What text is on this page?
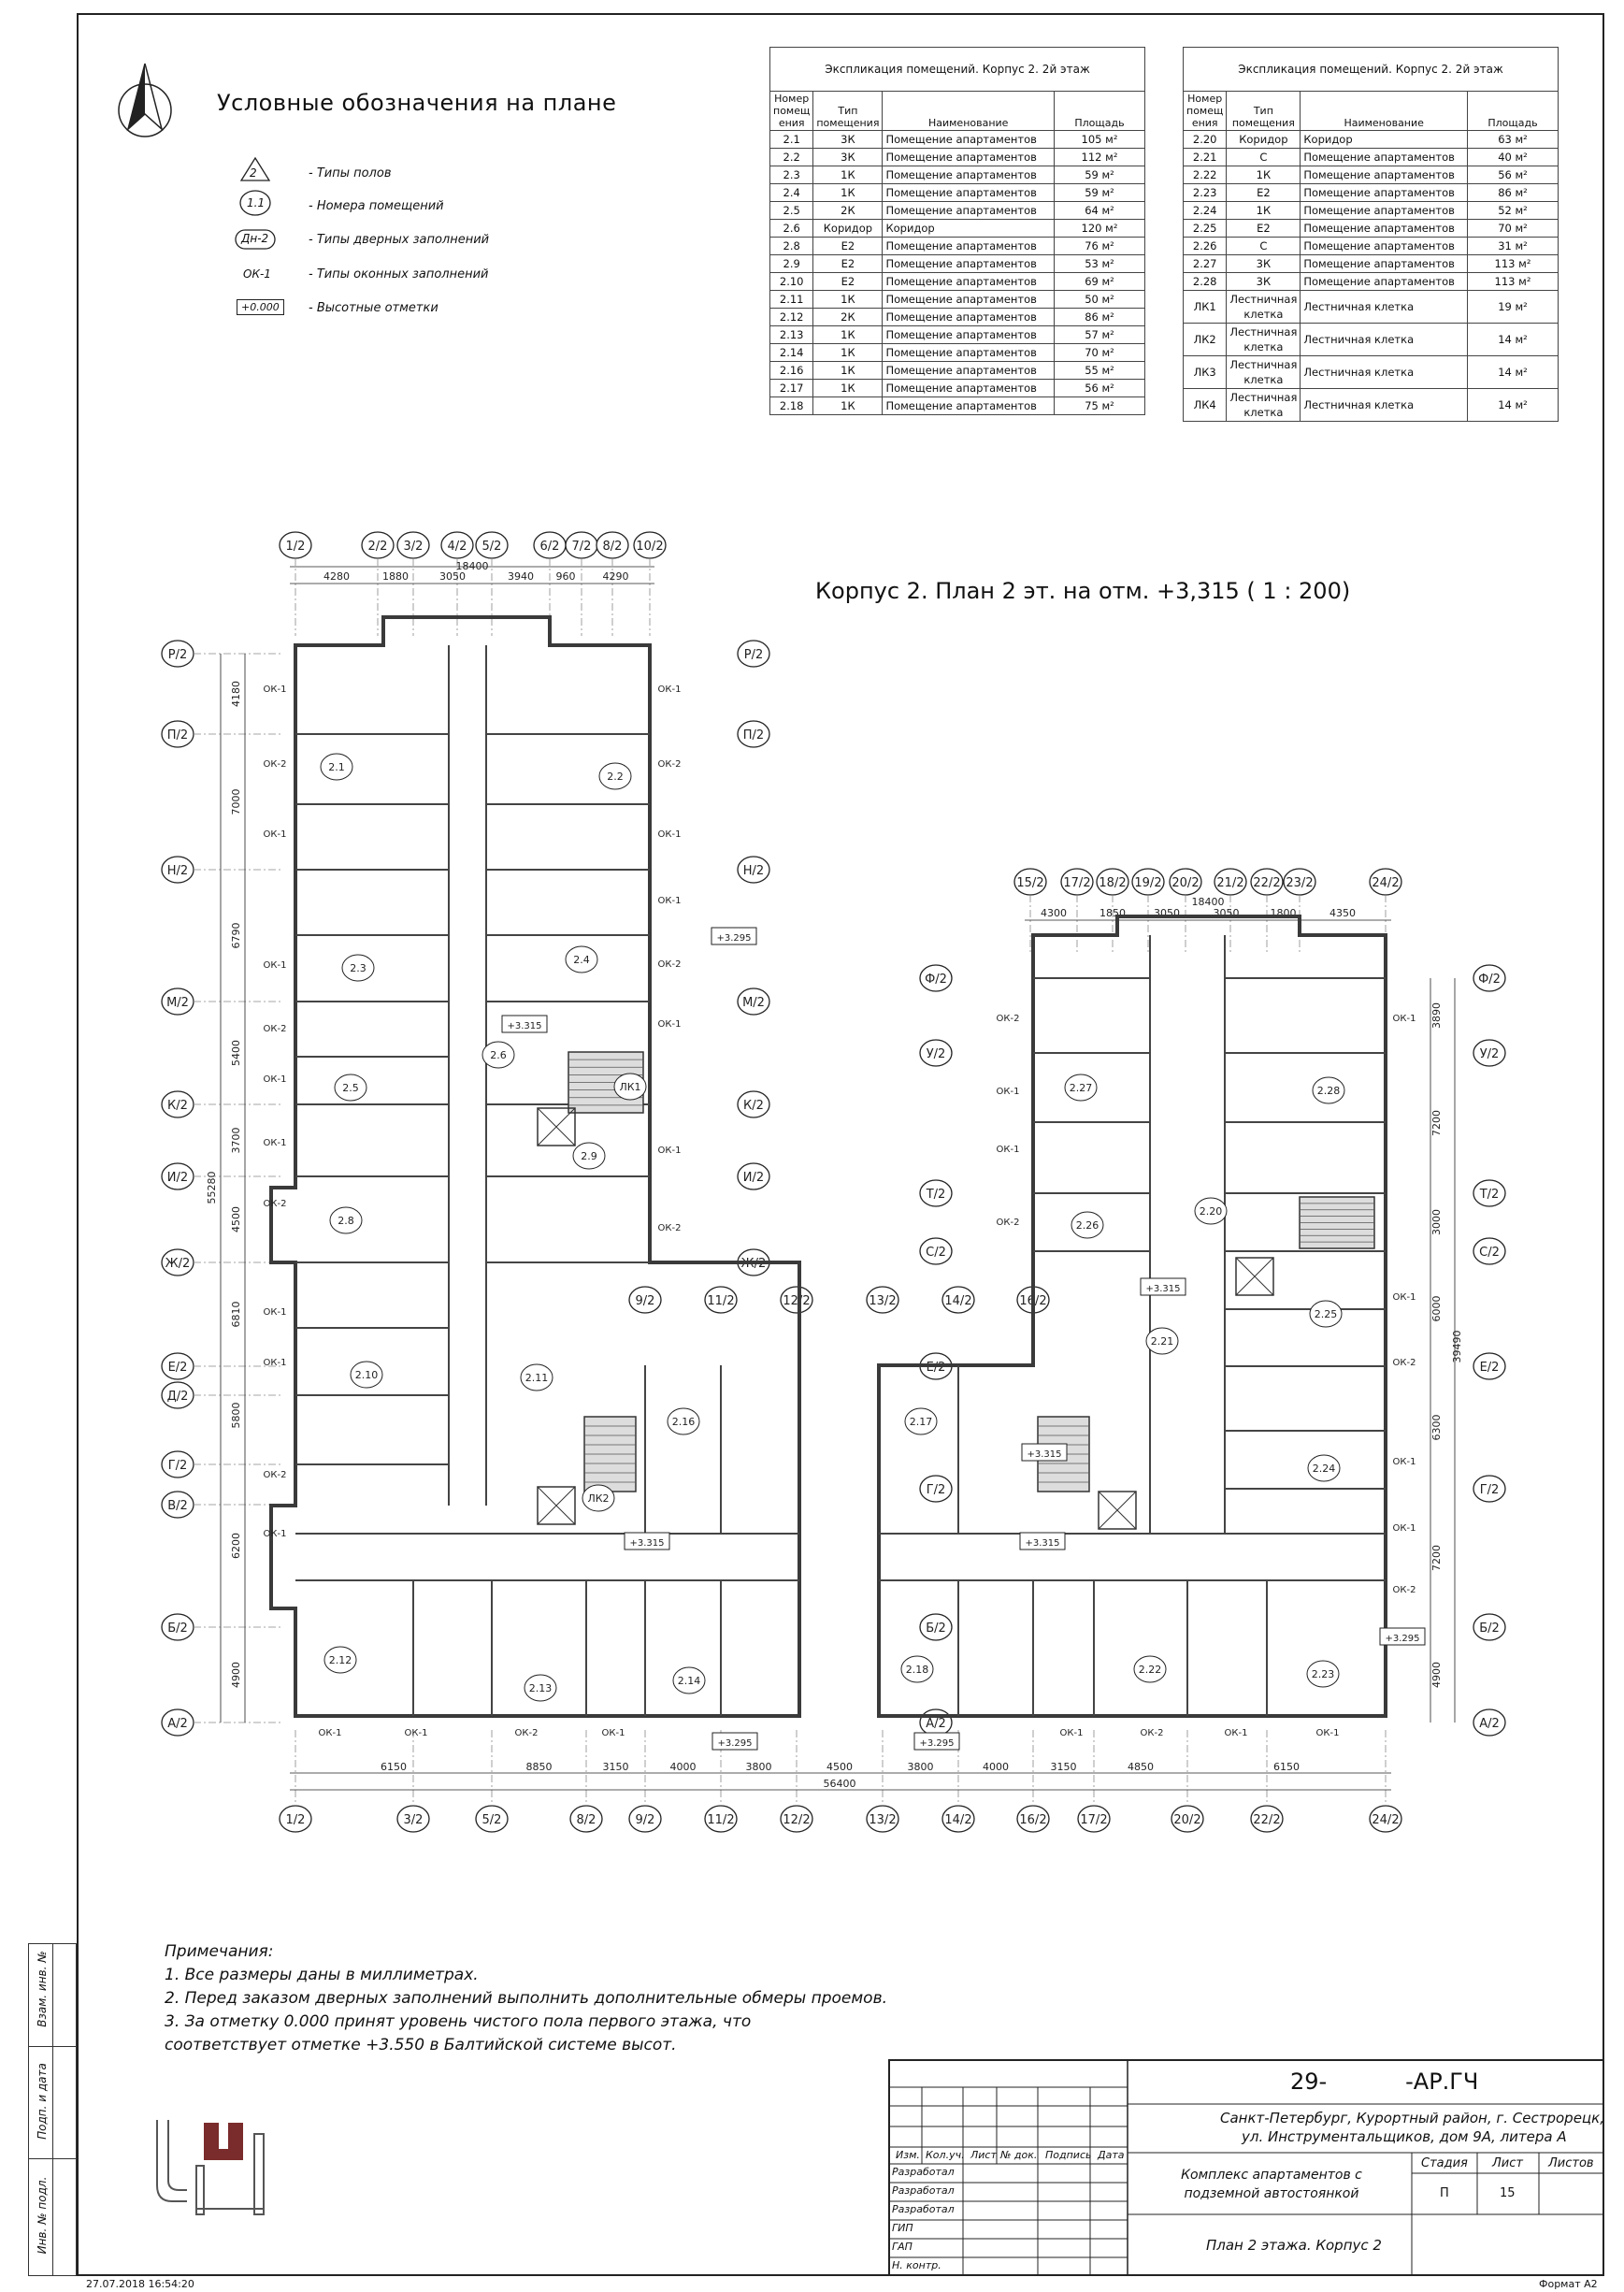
Взам. инв. №
Подп. и дата
Инв. № подл.
Условные обозначения на плане
2	- Типы полов
1.1	- Номера помещений
Дн-2	- Типы дверных заполнений
ОК-1	- Типы оконных заполнений
+0.000	- Высотные отметки
Экспликация помещений. Корпус 2. 2й этаж			
Номер помещ ения	Тип помещения	Наименование	Площадь
2.1	3К	Помещение апартаментов	105 м²
2.2	3К	Помещение апартаментов	112 м²
2.3	1К	Помещение апартаментов	59 м²
2.4	1К	Помещение апартаментов	59 м²
2.5	2К	Помещение апартаментов	64 м²
2.6	Коридор	Коридор	120 м²
2.8	Е2	Помещение апартаментов	76 м²
2.9	Е2	Помещение апартаментов	53 м²
2.10	Е2	Помещение апартаментов	69 м²
2.11	1К	Помещение апартаментов	50 м²
2.12	2К	Помещение апартаментов	86 м²
2.13	1К	Помещение апартаментов	57 м²
2.14	1К	Помещение апартаментов	70 м²
2.16	1К	Помещение апартаментов	55 м²
2.17	1К	Помещение апартаментов	56 м²
2.18	1К	Помещение апартаментов	75 м²
Экспликация помещений. Корпус 2. 2й этаж			
Номер помещ ения	Тип помещения	Наименование	Площадь
2.20	Коридор	Коридор	63 м²
2.21	С	Помещение апартаментов	40 м²
2.22	1К	Помещение апартаментов	56 м²
2.23	Е2	Помещение апартаментов	86 м²
2.24	1К	Помещение апартаментов	52 м²
2.25	Е2	Помещение апартаментов	70 м²
2.26	С	Помещение апартаментов	31 м²
2.27	3К	Помещение апартаментов	113 м²
2.28	3К	Помещение апартаментов	113 м²
ЛК1	Лестничная клетка	Лестничная клетка	19 м²
ЛК2	Лестничная клетка	Лестничная клетка	14 м²
ЛК3	Лестничная клетка	Лестничная клетка	14 м²
ЛК4	Лестничная клетка	Лестничная клетка	14 м²
Корпус 2. План 2 эт. на отм. +3,315 ( 1 : 200)
1/2	2/2 3/2 4/2 5/2	6/2 7/2 8/2 10/2
4280	1880	3050	3940 960	4290
18400
15/2 17/2 18/2 19/2 20/2 21/2 22/2 23/2	24/2
4300	1850	3050	3050	1800	4350
18400
Р/2
П/2
Н/2
М/2
К/2
И/2
Ж/2
Е/2
Д/2
Г/2
В/2
Б/2
А/2
Р/2
П/2
Н/2
М/2
К/2
И/2
Ж/2
4180
7000
6790
5400
3700
4500
6810
5800
6200
4900
55280
Ф/2	Ф/2
У/2	У/2
Т/2	Т/2
С/2	С/2
Е/2	Е/2
Г/2	Г/2
Б/2	Б/2
А/2	А/2
3890
7200
3000
6000
6300
7200
4900
39490
9/2	11/2	12/2	13/2	14/2	16/2
1/2	3/2	5/2	8/2	9/2	11/2	12/2	13/2	14/2	16/2	17/2	20/2	22/2	24/2
6150	8850	3150	4000	3800	4500	3800	4000	3150	4850	6150
56400
2.1
2.2
2.3
2.4
2.5
2.6
2.8
2.9
2.10	2.11
2.12
2.13
2.14
2.16
ЛК1
ЛК2
2.17
2.18
2.20
2.21
2.22	2.23
2.24
2.25
2.26
2.27	2.28
+3.295
+3.315
+3.315	+3.315
+3.295	+3.295
+3.315
+3.315
+3.295
ОК-1
ОК-2
ОК-1
ОК-1
ОК-2
ОК-1
ОК-1
ОК-2
ОК-1
ОК-1
ОК-2
ОК-1
ОК-1
ОК-2
ОК-1
ОК-1
ОК-2
ОК-1
ОК-1
ОК-2
ОК-1	ОК-1	ОК-2	ОК-1	ОК-1	ОК-2	ОК-1	ОК-1
ОК-2
ОК-1
ОК-1
ОК-2
ОК-1
ОК-1
ОК-2
ОК-1
ОК-1
ОК-2
Примечания:
1. Все размеры даны в миллиметрах.
2. Перед заказом дверных заполнений выполнить дополнительные обмеры проемов.
3. За отметку 0.000 принят уровень чистого пола первого этажа, что
соответствует отметке +3.550 в Балтийской системе высот.
29-           -АР.ГЧ
Санкт-Петербург, Курортный район, г. Сестрорецк,
ул. Инструментальщиков, дом 9А, литера А
Комплекс апартаментов с подземной автостоянкой
План 2 этажа. Корпус 2
Стадия Лист Листов
П	15
Изм. Кол.уч. Лист № док. Подпись Дата
Разработал
Разработал
Разработал
ГИП
ГАП
Н. контр.
27.07.2018 16:54:20	Формат А2
